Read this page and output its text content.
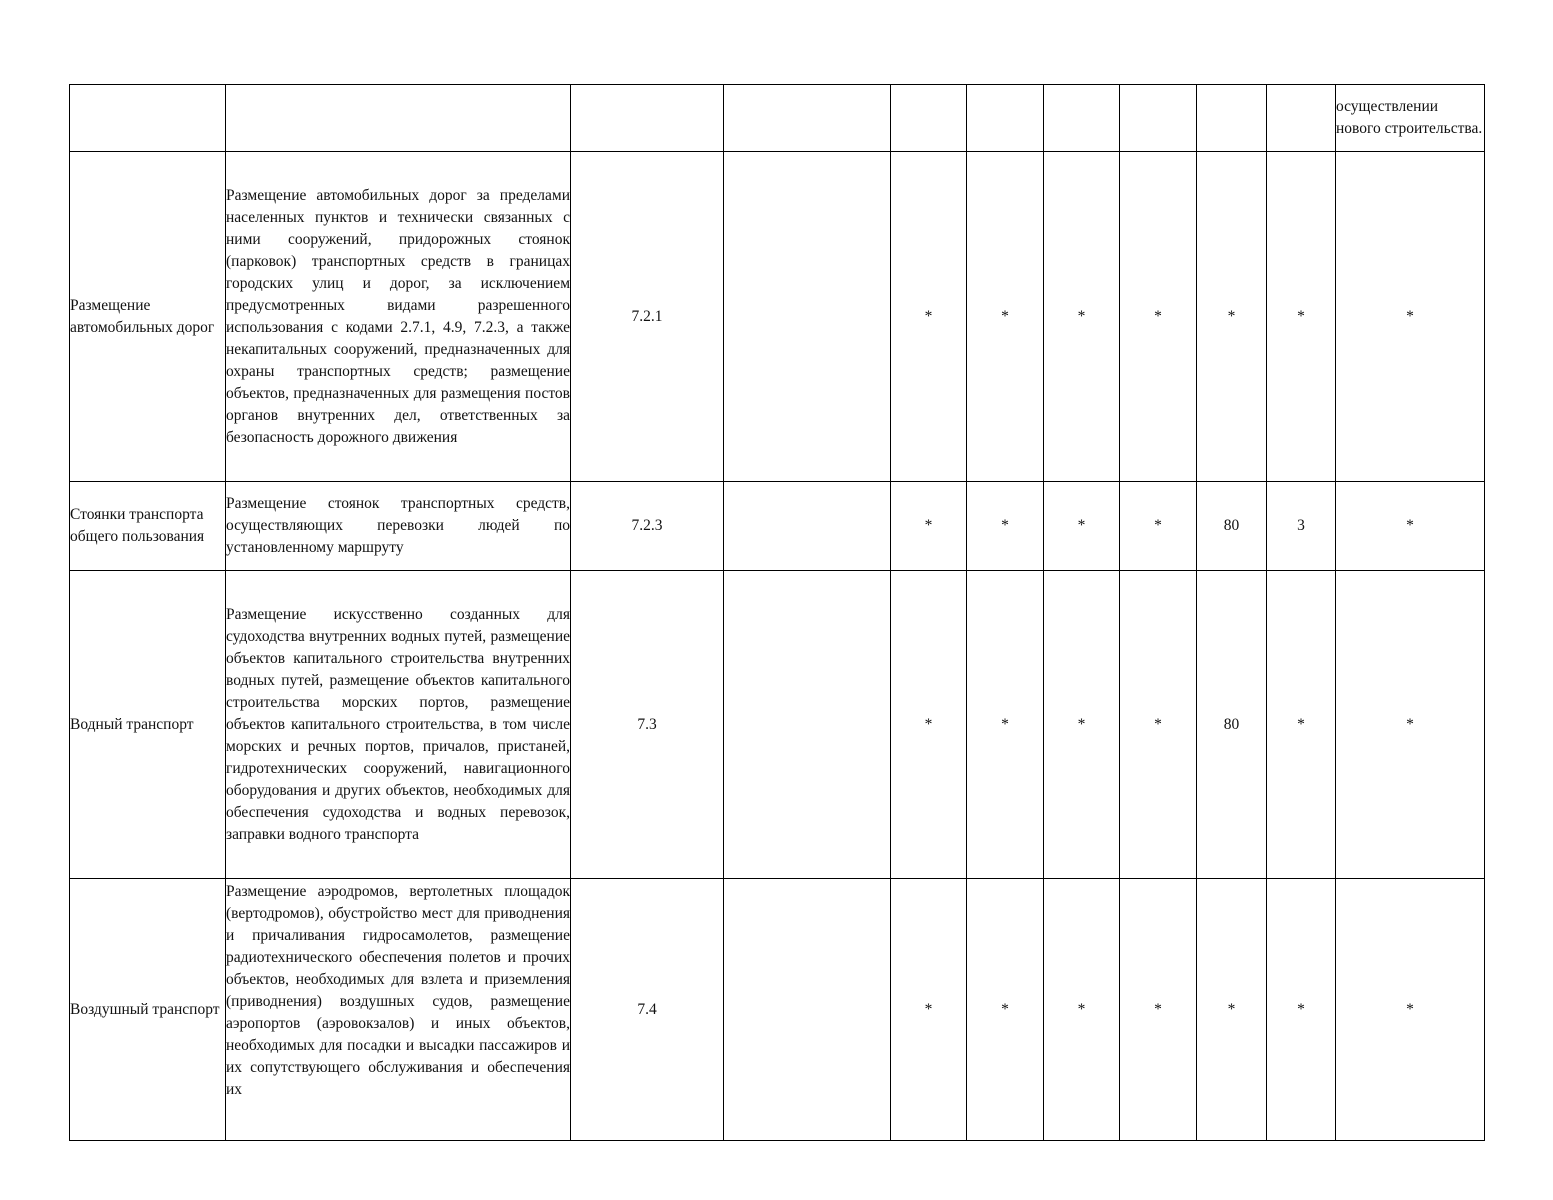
										осуществлении нового строительства.
Размещение автомобильных дорог	Размещение автомобильных дорог за пределами населенных пунктов и технически связанных с ними сооружений, придорожных стоянок (парковок) транспортных средств в границах городских улиц и дорог, за исключением предусмотренных видами разрешенного использования с кодами 2.7.1, 4.9, 7.2.3, а также некапитальных сооружений, предназначенных для охраны транспортных средств; размещение объектов, предназначенных для размещения постов органов внутренних дел, ответственных за безопасность дорожного движения	7.2.1		*	*	*	*	*	*	*
Стоянки транспорта общего пользования	Размещение стоянок транспортных средств, осуществляющих перевозки людей по установленному маршруту	7.2.3		*	*	*	*	80	3	*
Водный транспорт	Размещение искусственно созданных для судоходства внутренних водных путей, размещение объектов капитального строительства внутренних водных путей, размещение объектов капитального строительства морских портов, размещение объектов капитального строительства, в том числе морских и речных портов, причалов, пристаней, гидротехнических сооружений, навигационного оборудования и других объектов, необходимых для обеспечения судоходства и водных перевозок, заправки водного транспорта	7.3		*	*	*	*	80	*	*
Воздушный транспорт	Размещение аэродромов, вертолетных площадок (вертодромов), обустройство мест для приводнения и причаливания гидросамолетов, размещение радиотехнического обеспечения полетов и прочих объектов, необходимых для взлета и приземления (приводнения) воздушных судов, размещение аэропортов (аэровокзалов) и иных объектов, необходимых для посадки и высадки пассажиров и их сопутствующего обслуживания и обеспечения их	7.4		*	*	*	*	*	*	*
